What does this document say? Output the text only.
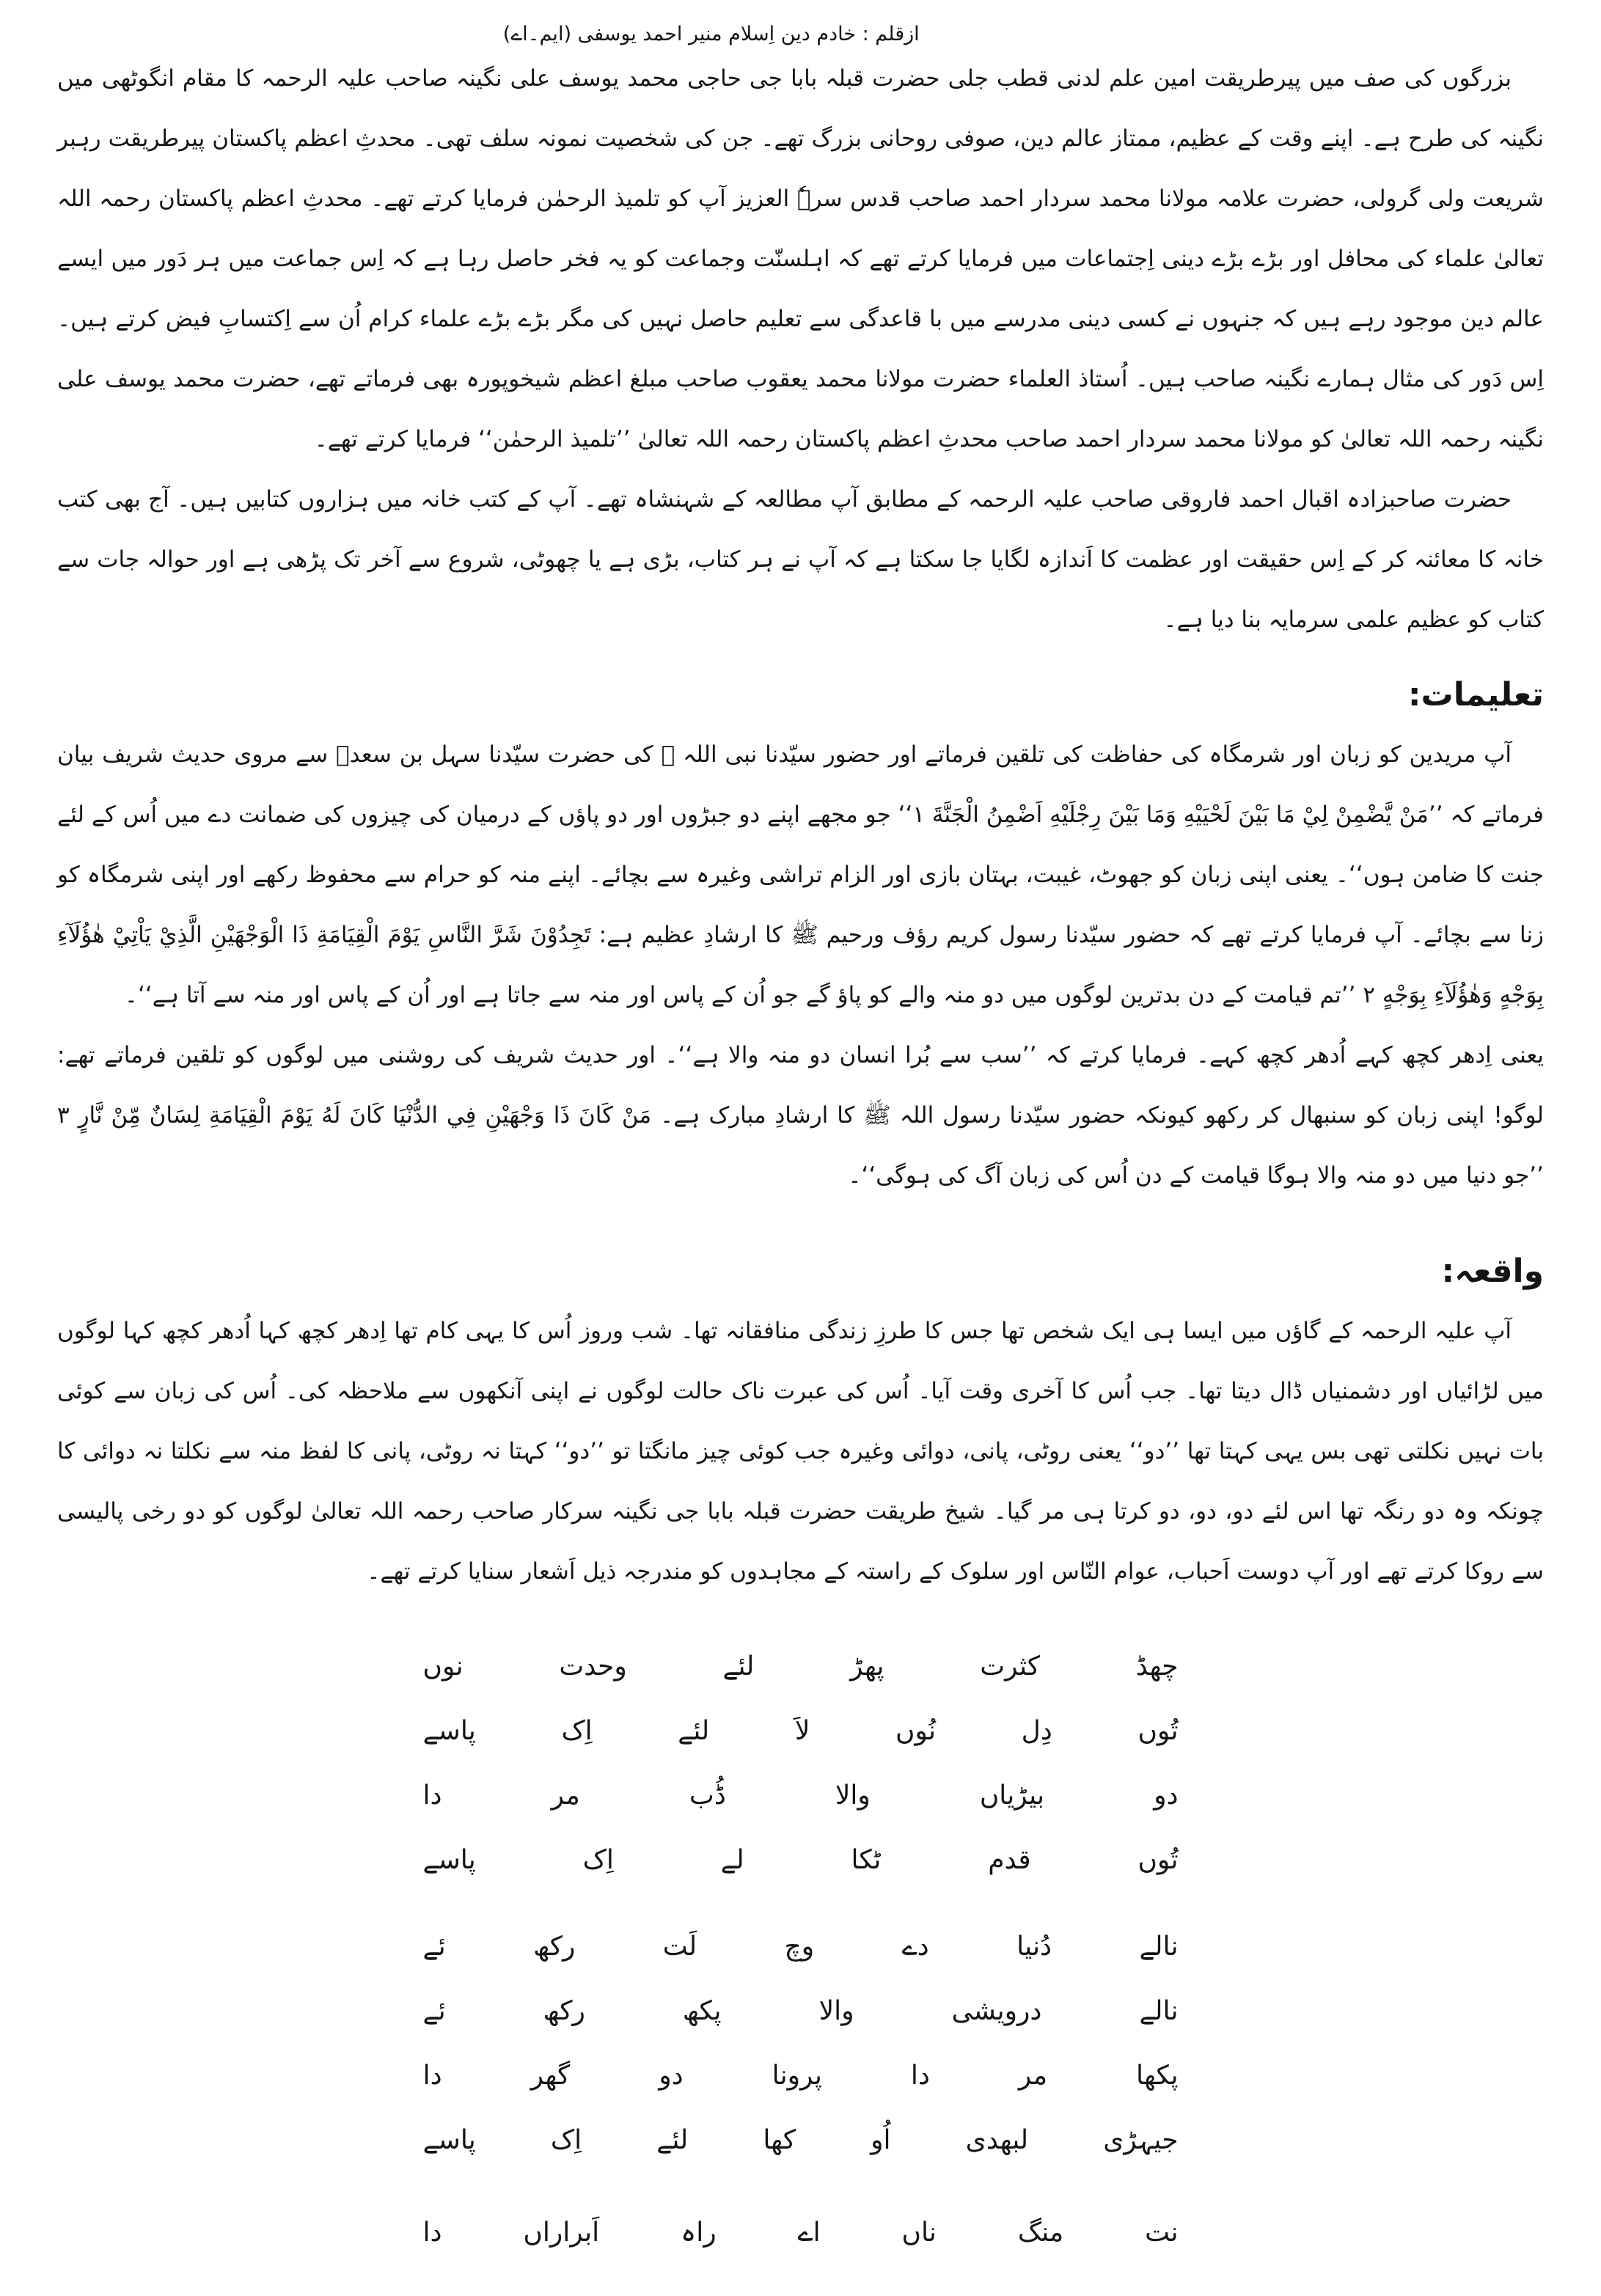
ازقلم : خادم دین اِسلام منیر احمد یوسفی (ایم۔اے)

بزرگوں کی صف میں پیرطریقت امین علم لدنی قطب جلی حضرت قبلہ بابا جی حاجی محمد یوسف علی نگینہ صاحب علیہ الرحمہ کا مقام انگوٹھی میں نگینہ کی طرح ہے۔ اپنے وقت کے عظیم، ممتاز عالم دین، صوفی روحانی بزرگ تھے۔ جن کی شخصیت نمونہ سلف تھی۔ محدثِ اعظم پاکستان پیرطریقت رہبر شریعت ولی گرولی، حضرت علامہ مولانا محمد سردار احمد صاحب قدس سرہٗ العزیز آپ کو تلمیذ الرحمٰن فرمایا کرتے تھے۔ محدثِ اعظم پاکستان رحمہ اللہ تعالیٰ علماء کی محافل اور بڑے بڑے دینی اِجتماعات میں فرمایا کرتے تھے کہ اہلسنّت وجماعت کو یہ فخر حاصل رہا ہے کہ اِس جماعت میں ہر دَور میں ایسے عالم دین موجود رہے ہیں کہ جنہوں نے کسی دینی مدرسے میں با قاعدگی سے تعلیم حاصل نہیں کی مگر بڑے بڑے علماء کرام اُن سے اِکتسابِ فیض کرتے ہیں۔ اِس دَور کی مثال ہمارے نگینہ صاحب ہیں۔ اُستاذ العلماء حضرت مولانا محمد یعقوب صاحب مبلغ اعظم شیخوپورہ بھی فرماتے تھے، حضرت محمد یوسف علی نگینہ رحمہ اللہ تعالیٰ کو مولانا محمد سردار احمد صاحب محدثِ اعظم پاکستان رحمہ اللہ تعالیٰ ’’تلمیذ الرحمٰن‘‘ فرمایا کرتے تھے۔

حضرت صاحبزادہ اقبال احمد فاروقی صاحب علیہ الرحمہ کے مطابق آپ مطالعہ کے شہنشاہ تھے۔ آپ کے کتب خانہ میں ہزاروں کتابیں ہیں۔ آج بھی کتب خانہ کا معائنہ کر کے اِس حقیقت اور عظمت کا اَندازہ لگایا جا سکتا ہے کہ آپ نے ہر کتاب، بڑی ہے یا چھوٹی، شروع سے آخر تک پڑھی ہے اور حوالہ جات سے کتاب کو عظیم علمی سرمایہ بنا دیا ہے۔

تعلیمات:

آپ مریدین کو زبان اور شرمگاہ کی حفاظت کی تلقین فرماتے اور حضور سیّدنا نبی اللہ ﷺ کی حضرت سیّدنا سہل بن سعدؓ سے مروی حدیث شریف بیان فرماتے کہ ’’مَنْ يَّضْمِنْ لِيْ مَا بَيْنَ لَحْيَيْهِ وَمَا بَيْنَ رِجْلَيْهِ اَضْمِنُ الْجَنَّةَ ۱‘‘ جو مجھے اپنے دو جبڑوں اور دو پاؤں کے درمیان کی چیزوں کی ضمانت دے میں اُس کے لئے جنت کا ضامن ہوں‘‘۔ یعنی اپنی زبان کو جھوٹ، غیبت، بہتان بازی اور الزام تراشی وغیرہ سے بچائے۔ اپنے منہ کو حرام سے محفوظ رکھے اور اپنی شرمگاہ کو زنا سے بچائے۔ آپ فرمایا کرتے تھے کہ حضور سیّدنا رسول کریم رؤف ورحیم ﷺ کا ارشادِ عظیم ہے: تَجِدُوْنَ شَرَّ النَّاسِ يَوْمَ الْقِيَامَةِ ذَا الْوَجْهَيْنِ الَّذِيْ يَاْتِيْ هٰؤُلَآءِ بِوَجْهٍ وَهٰؤُلَآءِ بِوَجْهٍ ۲ ’’تم قیامت کے دن بدترین لوگوں میں دو منہ والے کو پاؤ گے جو اُن کے پاس اور منہ سے جاتا ہے اور اُن کے پاس اور منہ سے آتا ہے‘‘۔

یعنی اِدھر کچھ کہے اُدھر کچھ کہے۔ فرمایا کرتے کہ ’’سب سے بُرا انسان دو منہ والا ہے‘‘۔ اور حدیث شریف کی روشنی میں لوگوں کو تلقین فرماتے تھے: لوگو! اپنی زبان کو سنبھال کر رکھو کیونکہ حضور سیّدنا رسول اللہ ﷺ کا ارشادِ مبارک ہے۔ مَنْ كَانَ ذَا وَجْهَيْنِ فِي الدُّنْيَا كَانَ لَهُ يَوْمَ الْقِيَامَةِ لِسَانٌ مِّنْ نَّارٍ ۳ ’’جو دنیا میں دو منہ والا ہوگا قیامت کے دن اُس کی زبان آگ کی ہوگی‘‘۔

واقعہ:

آپ علیہ الرحمہ کے گاؤں میں ایسا ہی ایک شخص تھا جس کا طرزِ زندگی منافقانہ تھا۔ شب وروز اُس کا یہی کام تھا اِدھر کچھ کہا اُدھر کچھ کہا لوگوں میں لڑائیاں اور دشمنیاں ڈال دیتا تھا۔ جب اُس کا آخری وقت آیا۔ اُس کی عبرت ناک حالت لوگوں نے اپنی آنکھوں سے ملاحظہ کی۔ اُس کی زبان سے کوئی بات نہیں نکلتی تھی بس یہی کہتا تھا ’’دو‘‘ یعنی روٹی، پانی، دوائی وغیرہ جب کوئی چیز مانگتا تو ’’دو‘‘ کہتا نہ روٹی، پانی کا لفظ منہ سے نکلتا نہ دوائی کا چونکہ وہ دو رنگہ تھا اس لئے دو، دو، دو کرتا ہی مر گیا۔ شیخ طریقت حضرت قبلہ بابا جی نگینہ سرکار صاحب رحمہ اللہ تعالیٰ لوگوں کو دو رخی پالیسی سے روکا کرتے تھے اور آپ دوست اَحباب، عوام النّاس اور سلوک کے راستہ کے مجاہدوں کو مندرجہ ذیل اَشعار سنایا کرتے تھے۔

چھڈ
کثرت
پھڑ
لئے
وحدت
نوں
تُوں
دِل
نُوں
لاَ
لئے
اِک
پاسے
دو
بیڑیاں
والا
ڈُب
مر
دا
تُوں
قدم
ٹکا
لے
اِک
پاسے
نالے
دُنیا
دے
وچ
لَت
رکھ
ئے
نالے
درویشی
والا
پکھ
رکھ
ئے
پکھا
مر
دا
پرونا
دو
گھر
دا
جیہڑی
لبھدی
اُو
کھا
لئے
اِک
پاسے
نت
منگ
ناں
اے
راہ
اَبراراں
دا
